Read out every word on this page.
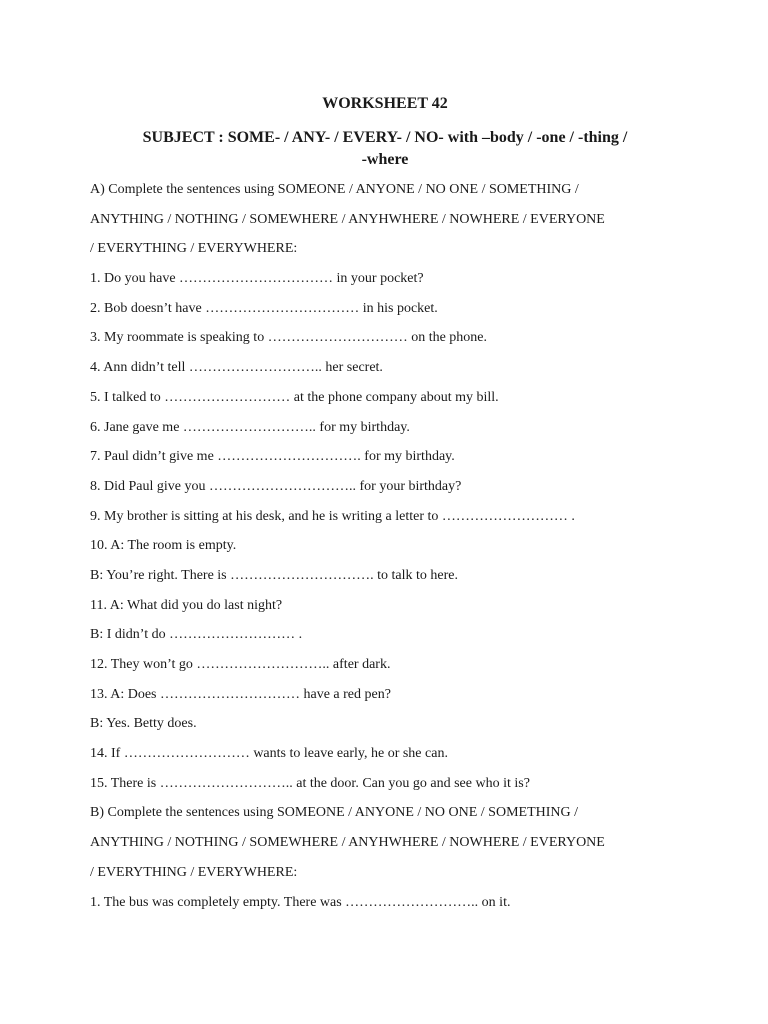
WORKSHEET 42
SUBJECT : SOME- / ANY- / EVERY- / NO- with –body / -one / -thing /
-where
A) Complete the sentences using SOMEONE / ANYONE / NO ONE / SOMETHING /
ANYTHING / NOTHING / SOMEWHERE / ANYHWHERE / NOWHERE / EVERYONE
/ EVERYTHING / EVERYWHERE:
1. Do you have …………………………… in your pocket?
2. Bob doesn’t have …………………………… in his pocket.
3. My roommate is speaking to ………………………… on the phone.
4. Ann didn’t tell ……………………….. her secret.
5. I talked to ……………………… at the phone company about my bill.
6. Jane gave me ……………………….. for my birthday.
7. Paul didn’t give me …………………………. for my birthday.
8. Did Paul give you ………………………….. for your birthday?
9. My brother is sitting at his desk, and he is writing a letter to ……………………… .
10. A: The room is empty.
B: You’re right. There is …………………………. to talk to here.
11. A: What did you do last night?
B: I didn’t do ……………………… .
12. They won’t go ……………………….. after dark.
13. A: Does ………………………… have a red pen?
B: Yes. Betty does.
14. If ……………………… wants to leave early, he or she can.
15. There is ……………………….. at the door. Can you go and see who it is?
B) Complete the sentences using SOMEONE / ANYONE / NO ONE / SOMETHING /
ANYTHING / NOTHING / SOMEWHERE / ANYHWHERE / NOWHERE / EVERYONE
/ EVERYTHING / EVERYWHERE:
1. The bus was completely empty. There was ……………………….. on it.
